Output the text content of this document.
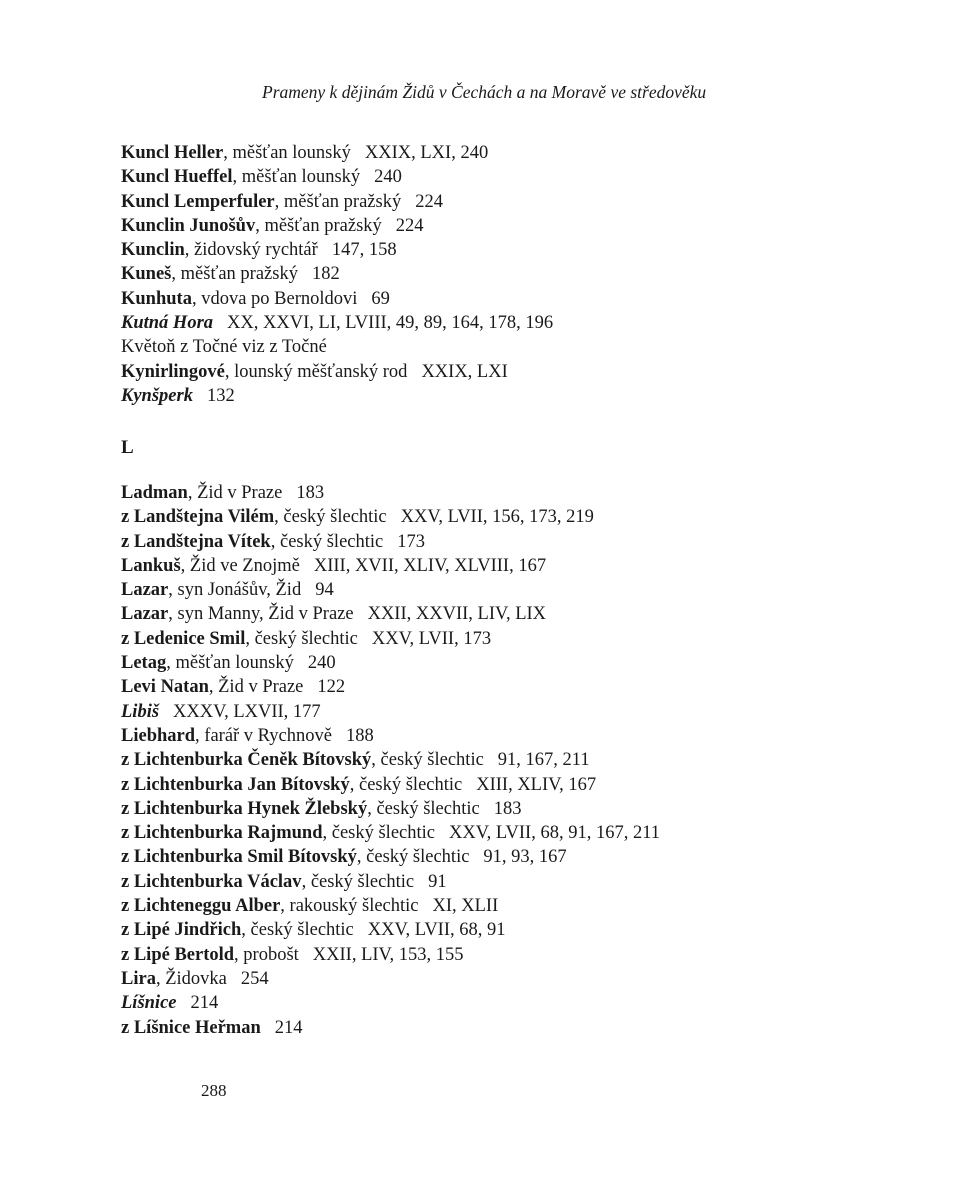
Prameny k dějinám Židů v Čechách a na Moravě ve středověku
Kuncl Heller, měšťan lounský XXIX, LXI, 240
Kuncl Hueffel, měšťan lounský 240
Kuncl Lemperfuler, měšťan pražský 224
Kunclin Junošův, měšťan pražský 224
Kunclin, židovský rychtář 147, 158
Kuneš, měšťan pražský 182
Kunhuta, vdova po Bernoldovi 69
Kutná Hora XX, XXVI, LI, LVIII, 49, 89, 164, 178, 196
Květoň z Točné viz z Točné
Kynirlingové, lounský měšťanský rod XXIX, LXI
Kynšperk 132
L
Ladman, Žid v Praze 183
z Landštejna Vilém, český šlechtic XXV, LVII, 156, 173, 219
z Landštejna Vítek, český šlechtic 173
Lankuš, Žid ve Znojmě XIII, XVII, XLIV, XLVIII, 167
Lazar, syn Jonášův, Žid 94
Lazar, syn Manny, Žid v Praze XXII, XXVII, LIV, LIX
z Ledenice Smil, český šlechtic XXV, LVII, 173
Letag, měšťan lounský 240
Levi Natan, Žid v Praze 122
Libiš XXXV, LXVII, 177
Liebhard, farář v Rychnově 188
z Lichtenburka Čeněk Bítovský, český šlechtic 91, 167, 211
z Lichtenburka Jan Bítovský, český šlechtic XIII, XLIV, 167
z Lichtenburka Hynek Žlebský, český šlechtic 183
z Lichtenburka Rajmund, český šlechtic XXV, LVII, 68, 91, 167, 211
z Lichtenburka Smil Bítovský, český šlechtic 91, 93, 167
z Lichtenburka Václav, český šlechtic 91
z Lichteneggu Alber, rakouský šlechtic XI, XLII
z Lipé Jindřich, český šlechtic XXV, LVII, 68, 91
z Lipé Bertold, probošt XXII, LIV, 153, 155
Lira, Židovka 254
Líšnice 214
z Líšnice Heřman 214
288
